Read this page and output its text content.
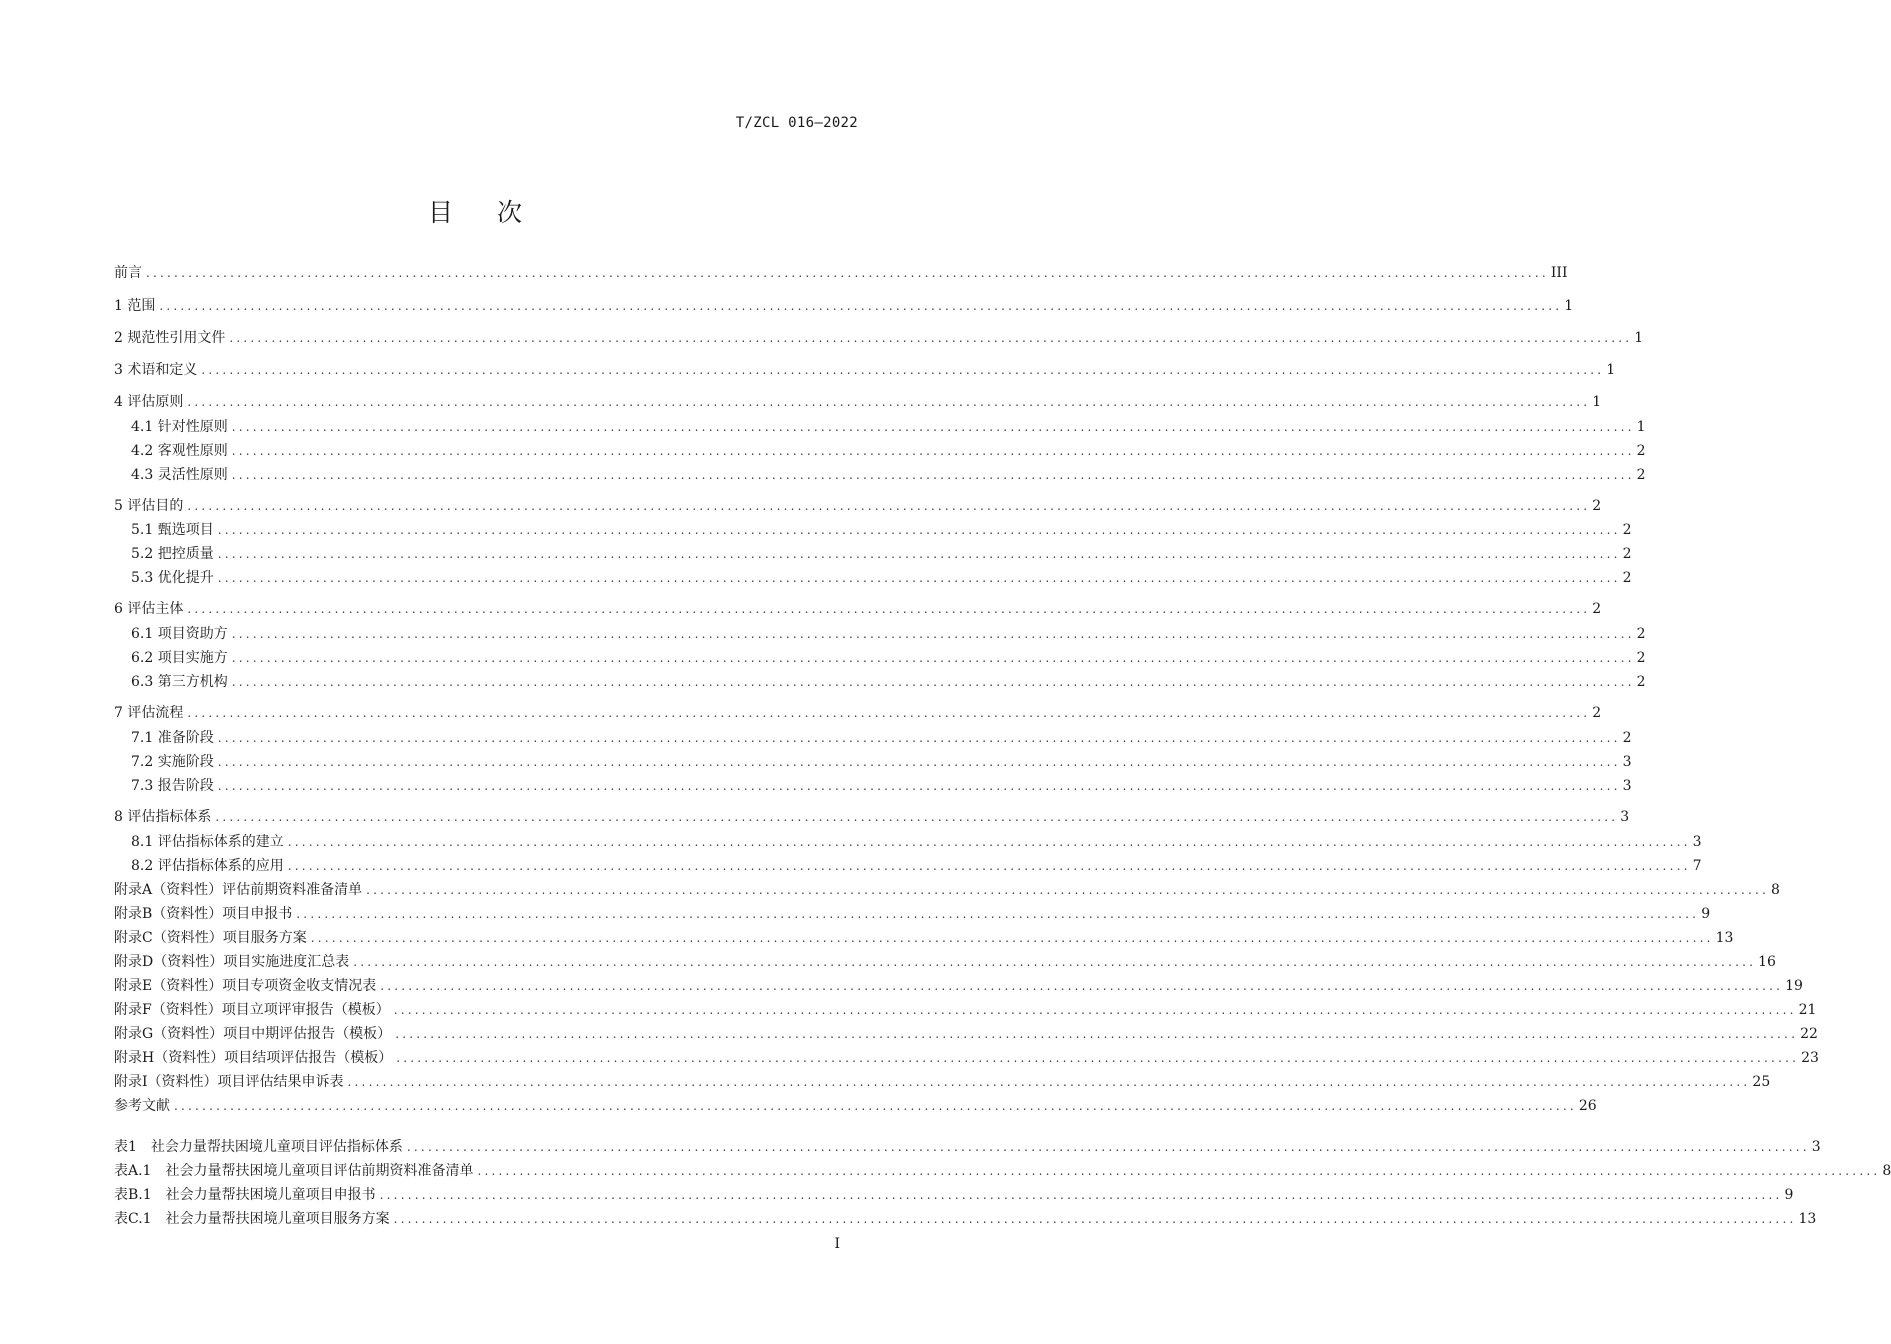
T/ZCL 016—2022
目次
前言 ........................................................................................................................................................................................................ III
1 范围 ........................................................................................................................................................................................................ 1
2 规范性引用文件 ........................................................................................................................................................................................................ 1
3 术语和定义 ........................................................................................................................................................................................................ 1
4 评估原则 ........................................................................................................................................................................................................ 1
4.1 针对性原则 ........................................................................................................................................................................................................ 1
4.2 客观性原则 ........................................................................................................................................................................................................ 2
4.3 灵活性原则 ........................................................................................................................................................................................................ 2
5 评估目的 ........................................................................................................................................................................................................ 2
5.1 甄选项目 ........................................................................................................................................................................................................ 2
5.2 把控质量 ........................................................................................................................................................................................................ 2
5.3 优化提升 ........................................................................................................................................................................................................ 2
6 评估主体 ........................................................................................................................................................................................................ 2
6.1 项目资助方 ........................................................................................................................................................................................................ 2
6.2 项目实施方 ........................................................................................................................................................................................................ 2
6.3 第三方机构 ........................................................................................................................................................................................................ 2
7 评估流程 ........................................................................................................................................................................................................ 2
7.1 准备阶段 ........................................................................................................................................................................................................ 2
7.2 实施阶段 ........................................................................................................................................................................................................ 3
7.3 报告阶段 ........................................................................................................................................................................................................ 3
8 评估指标体系 ........................................................................................................................................................................................................ 3
8.1 评估指标体系的建立 ........................................................................................................................................................................................................ 3
8.2 评估指标体系的应用 ........................................................................................................................................................................................................ 7
附录A（资料性）评估前期资料准备清单 ........................................................................................................................................................................................................ 8
附录B（资料性）项目申报书 ........................................................................................................................................................................................................ 9
附录C（资料性）项目服务方案 ........................................................................................................................................................................................................ 13
附录D（资料性）项目实施进度汇总表 ........................................................................................................................................................................................................ 16
附录E（资料性）项目专项资金收支情况表 ........................................................................................................................................................................................................ 19
附录F（资料性）项目立项评审报告（模板） ........................................................................................................................................................................................................ 21
附录G（资料性）项目中期评估报告（模板） ........................................................................................................................................................................................................ 22
附录H（资料性）项目结项评估报告（模板） ........................................................................................................................................................................................................ 23
附录I（资料性）项目评估结果申诉表 ........................................................................................................................................................................................................ 25
参考文献 ........................................................................................................................................................................................................ 26
表1　社会力量帮扶困境儿童项目评估指标体系 ........................................................................................................................................................................................................ 3
表A.1　社会力量帮扶困境儿童项目评估前期资料准备清单 ........................................................................................................................................................................................................ 8
表B.1　社会力量帮扶困境儿童项目申报书 ........................................................................................................................................................................................................ 9
表C.1　社会力量帮扶困境儿童项目服务方案 ........................................................................................................................................................................................................ 13
I
